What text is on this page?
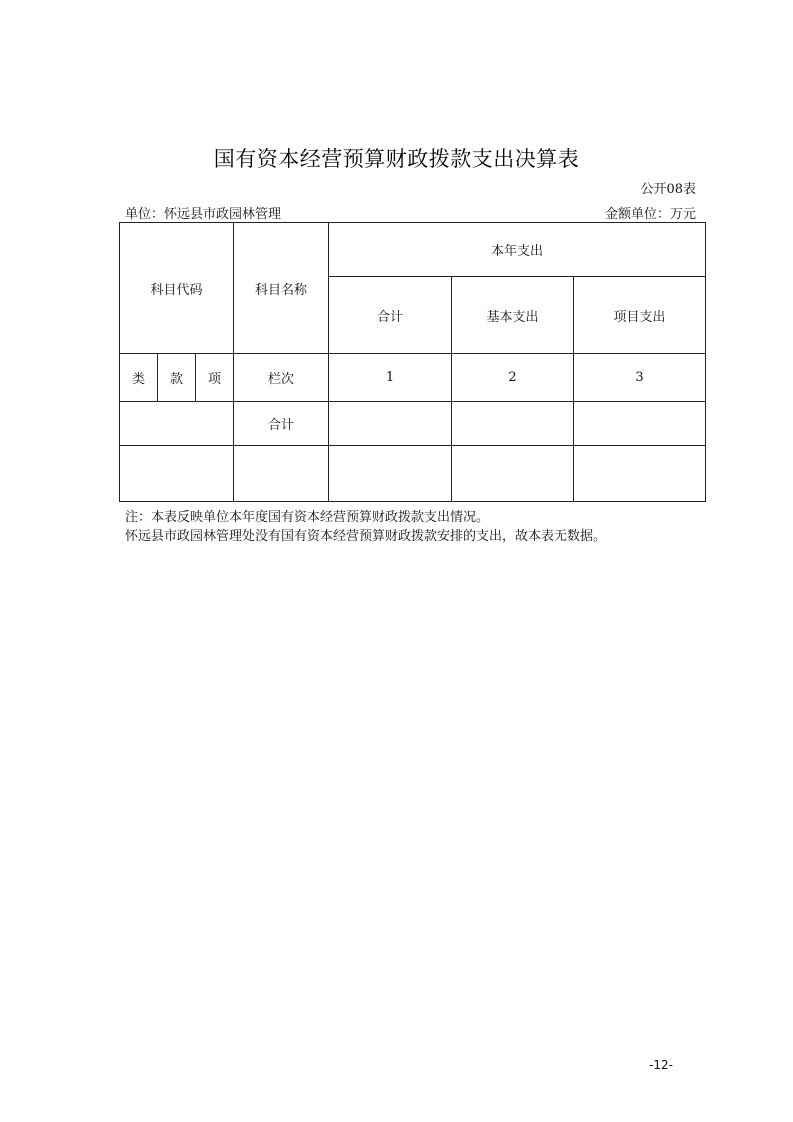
国有资本经营预算财政拨款支出决算表
公开08表
单位：怀远县市政园林管理	金额单位：万元
科目代码			科目名称	本年支出		
				合计	基本支出	项目支出
类	款	项	栏次	1	2	3
			合计			

注：本表反映单位本年度国有资本经营预算财政拨款支出情况。
怀远县市政园林管理处没有国有资本经营预算财政拨款安排的支出，故本表无数据。
-12-
